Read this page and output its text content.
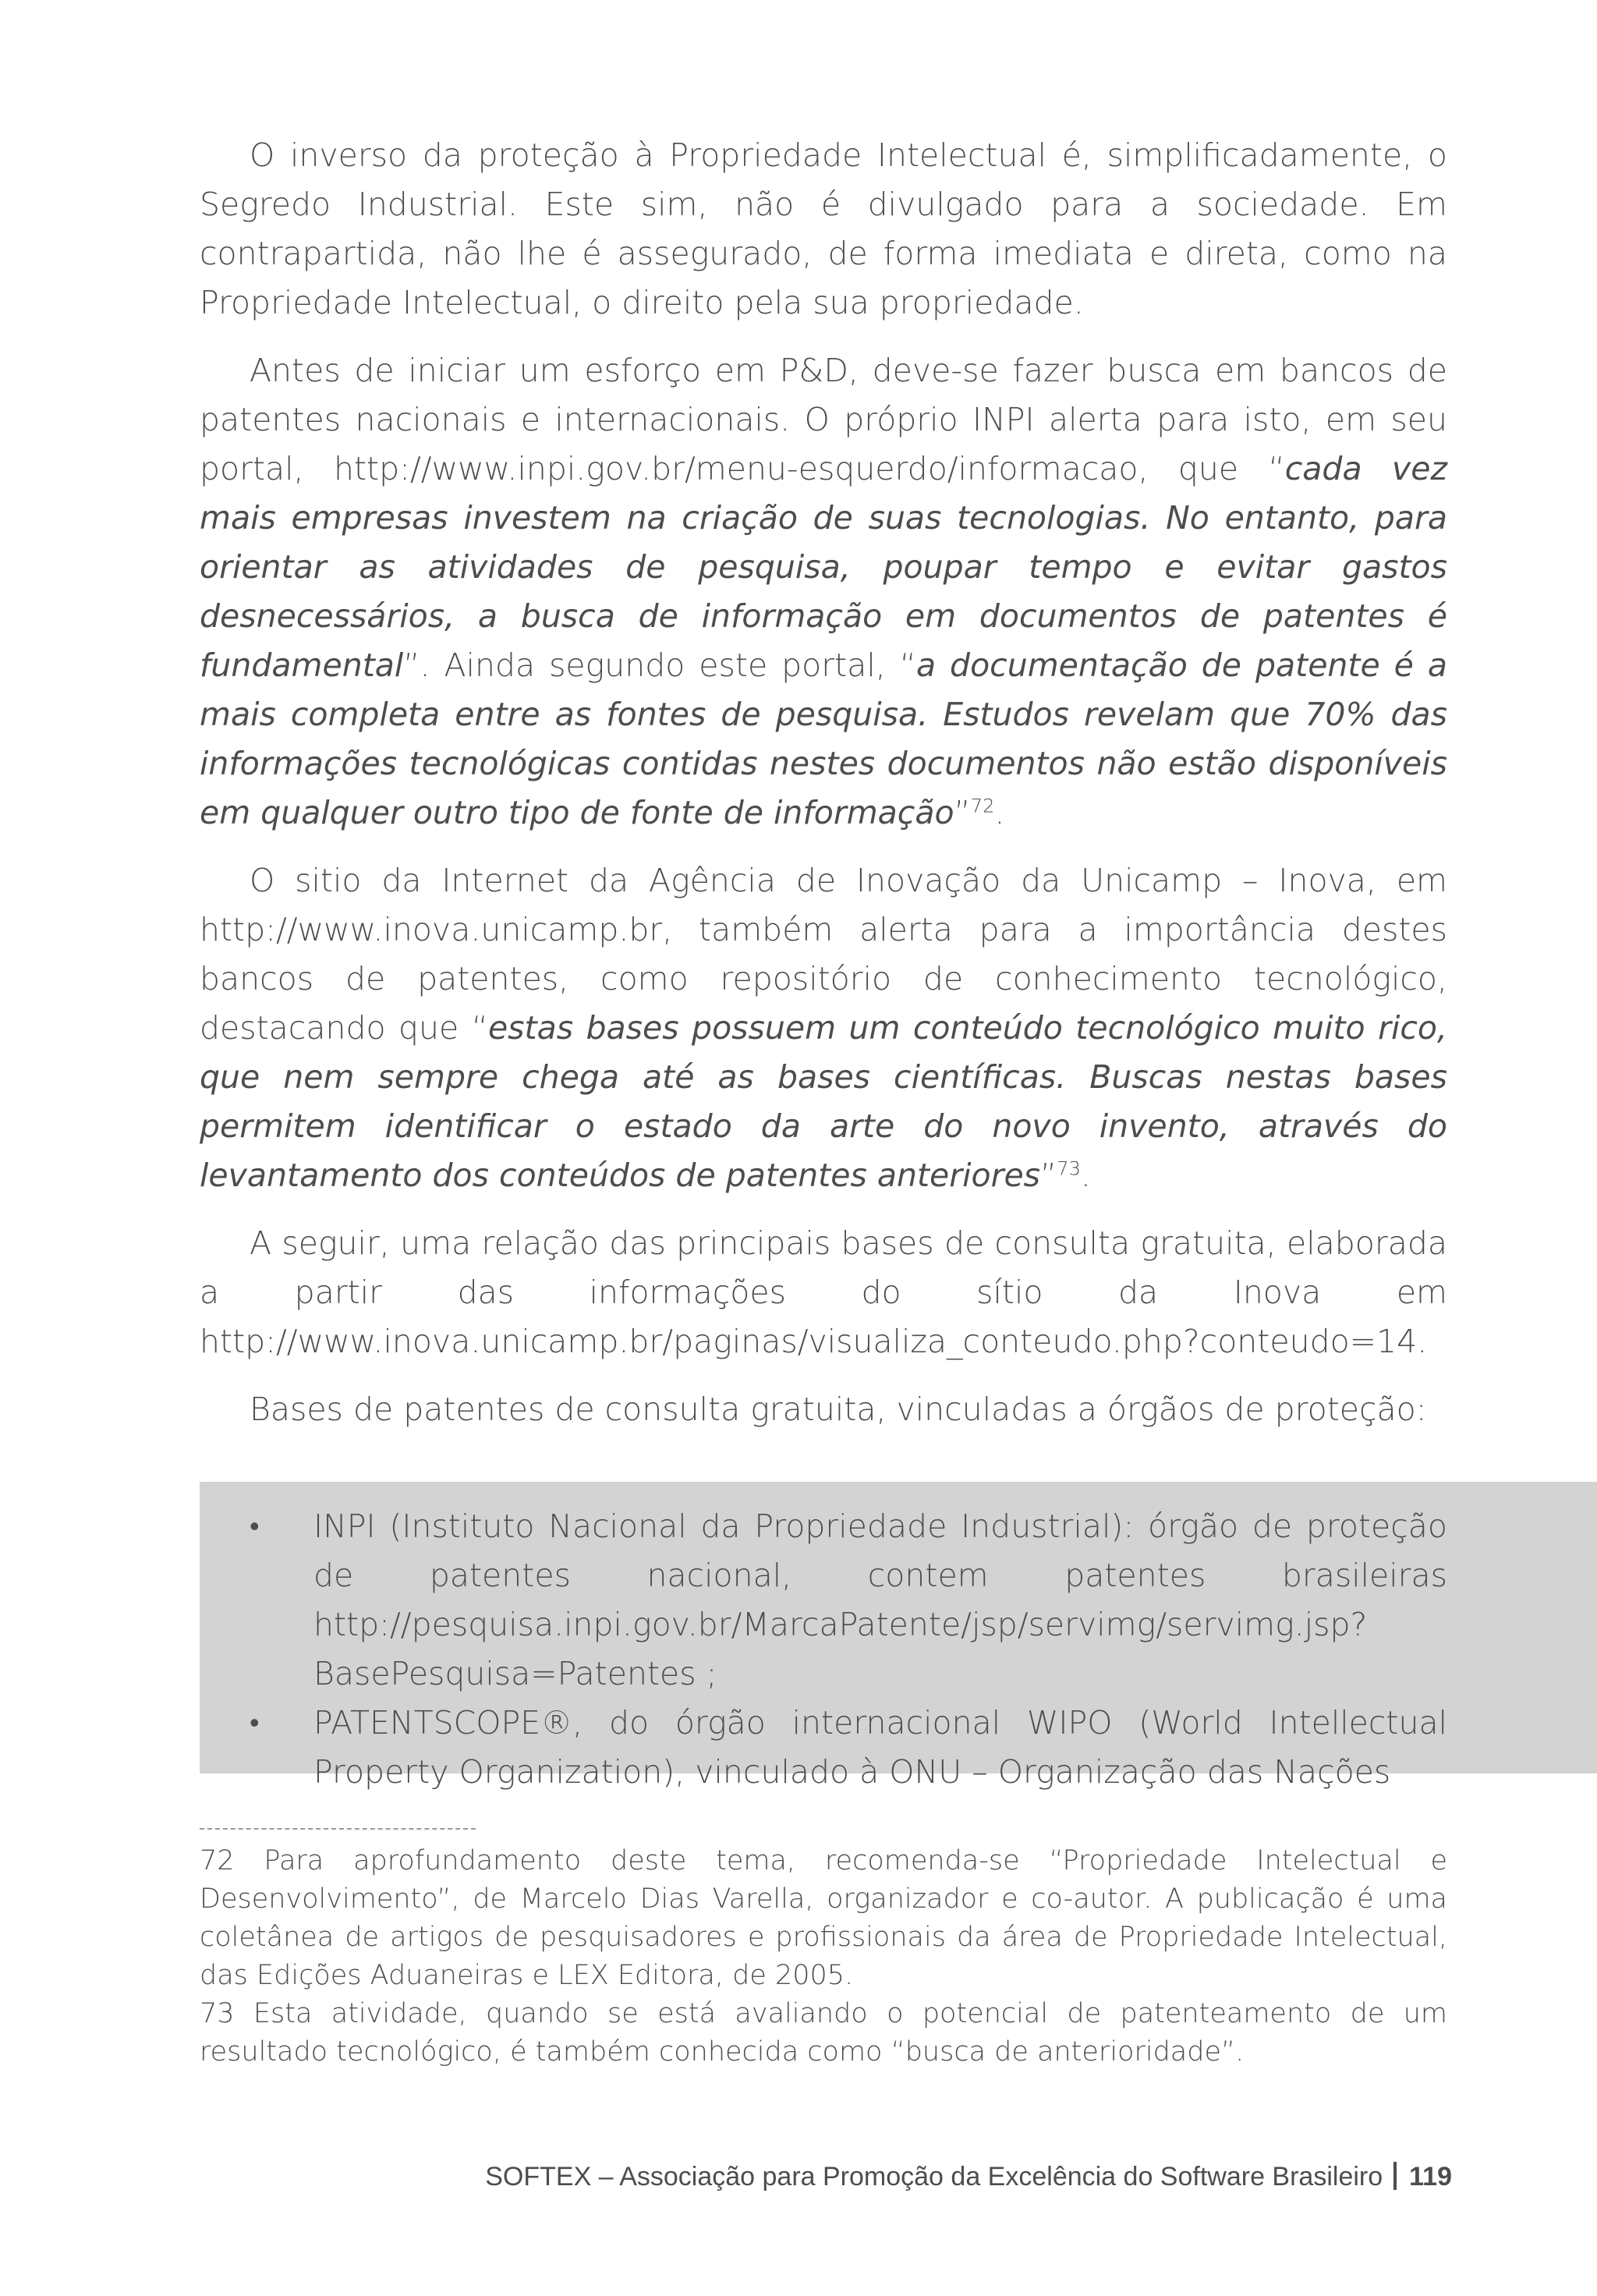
O inverso da proteção à Propriedade Intelectual é, simplificadamente, o Segredo Industrial. Este sim, não é divulgado para a sociedade. Em contrapartida, não lhe é assegurado, de forma imediata e direta, como na Propriedade Intelectual, o direito pela sua propriedade.

Antes de iniciar um esforço em P&D, deve-se fazer busca em bancos de patentes nacionais e internacionais. O próprio INPI alerta para isto, em seu portal, http://www.inpi.gov.br/menu-esquerdo/informacao, que “cada vez mais empresas investem na criação de suas tecnologias. No entanto, para orientar as atividades de pesquisa, poupar tempo e evitar gastos desnecessários, a busca de informação em documentos de patentes é fundamental”. Ainda segundo este portal, “a documentação de patente é a mais completa entre as fontes de pesquisa. Estudos revelam que 70% das informações tecnológicas contidas nestes documentos não estão disponíveis em qualquer outro tipo de fonte de informação”$^{72}$.

O sitio da Internet da Agência de Inovação da Unicamp – Inova, em http://www.inova.unicamp.br, também alerta para a importância destes bancos de patentes, como repositório de conhecimento tecnológico, destacando que “estas bases possuem um conteúdo tecnológico muito rico, que nem sempre chega até as bases científicas. Buscas nestas bases permitem identificar o estado da arte do novo invento, através do levantamento dos conteúdos de patentes anteriores”$^{73}$.

A seguir, uma relação das principais bases de consulta gratuita, elaborada a partir das informações do sítio da Inova em http://www.inova.unicamp.br/paginas/visualiza_conteudo.php?conteudo=14.

Bases de patentes de consulta gratuita, vinculadas a órgãos de proteção:

• INPI (Instituto Nacional da Propriedade Industrial): órgão de proteção de patentes nacional, contem patentes brasileiras http://pesquisa.inpi.gov.br/MarcaPatente/jsp/servimg/servimg.jsp?BasePesquisa=Patentes ;
• PATENTSCOPE®, do órgão internacional WIPO (World Intellectual Property Organization), vinculado à ONU – Organização das Nações

72 Para aprofundamento deste tema, recomenda-se “Propriedade Intelectual e Desenvolvimento”, de Marcelo Dias Varella, organizador e co-autor. A publicação é uma coletânea de artigos de pesquisadores e profissionais da área de Propriedade Intelectual, das Edições Aduaneiras e LEX Editora, de 2005.

73 Esta atividade, quando se está avaliando o potencial de patenteamento de um resultado tecnológico, é também conhecida como “busca de anterioridade”.

SOFTEX – Associação para Promoção da Excelência do Software Brasileiro 119
